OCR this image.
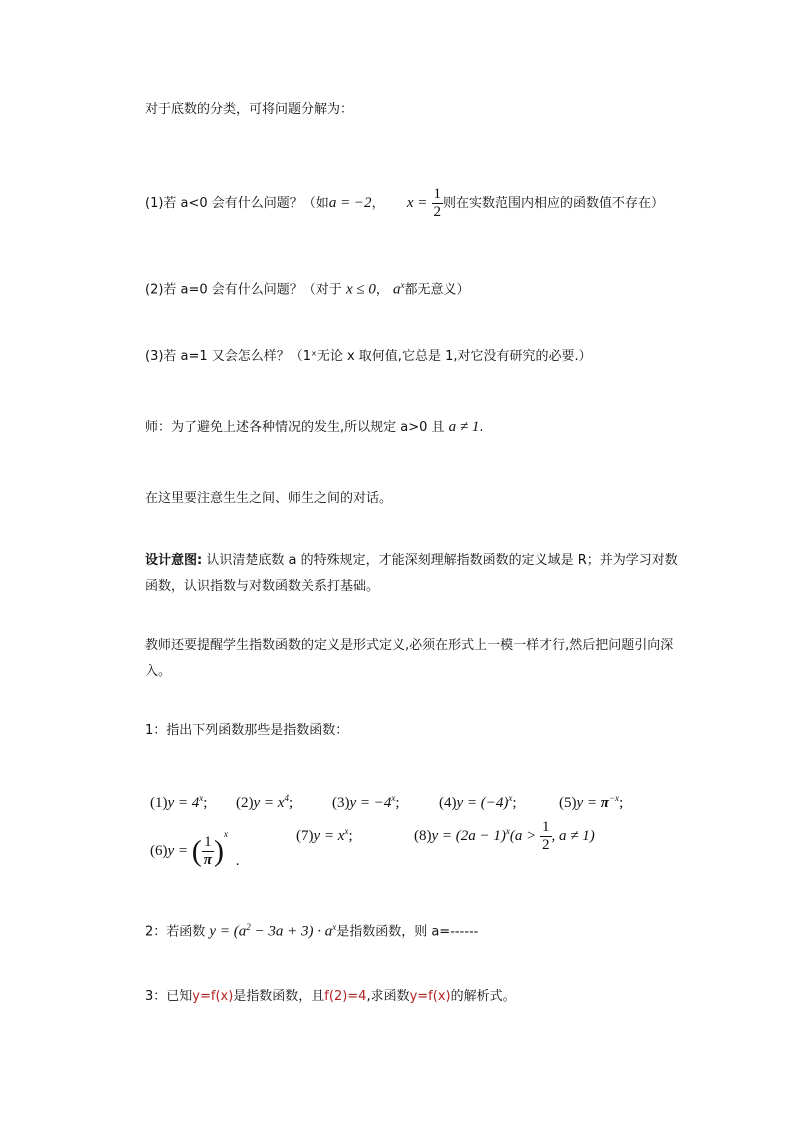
对于底数的分类，可将问题分解为：
(1)若 a<0 会有什么问题？（如a = −2， $x = \frac{1}{2}$ 则在实数范围内相应的函数值不存在）
(2)若 a=0 会有什么问题？（对于 x ≤ 0， $a^x$都无意义）
(3)若 a=1 又会怎么样？（1ˣ无论 x 取何值,它总是 1,对它没有研究的必要.）
师：为了避免上述各种情况的发生,所以规定 a>0 且 a ≠ 1.
在这里要注意生生之间、师生之间的对话。
设计意图: 认识清楚底数 a 的特殊规定，才能深刻理解指数函数的定义域是 R；并为学习对数函数，认识指数与对数函数关系打基础。
教师还要提醒学生指数函数的定义是形式定义,必须在形式上一模一样才行,然后把问题引向深入。
1：指出下列函数那些是指数函数：
$(1)y = 4^x$; $(2)y = x^4$;	$(3)y = -4^x$;	$(4)y = (-4)^x$;	$(5)y = \pi^{-x}$;
(6)y = ( $\frac{1}{\pi} )^x$ .
$(7)y = x^x$;	$(8)y = (2a - 1)^x(a > \frac{1}{2}$ , a ≠ 1)
2：若函数 $y = (a^2 - 3a + 3) \cdot a^x$是指数函数，则 a=------
3：已知y=f(x)是指数函数，且f(2)=4,求函数y=f(x)的解析式。
